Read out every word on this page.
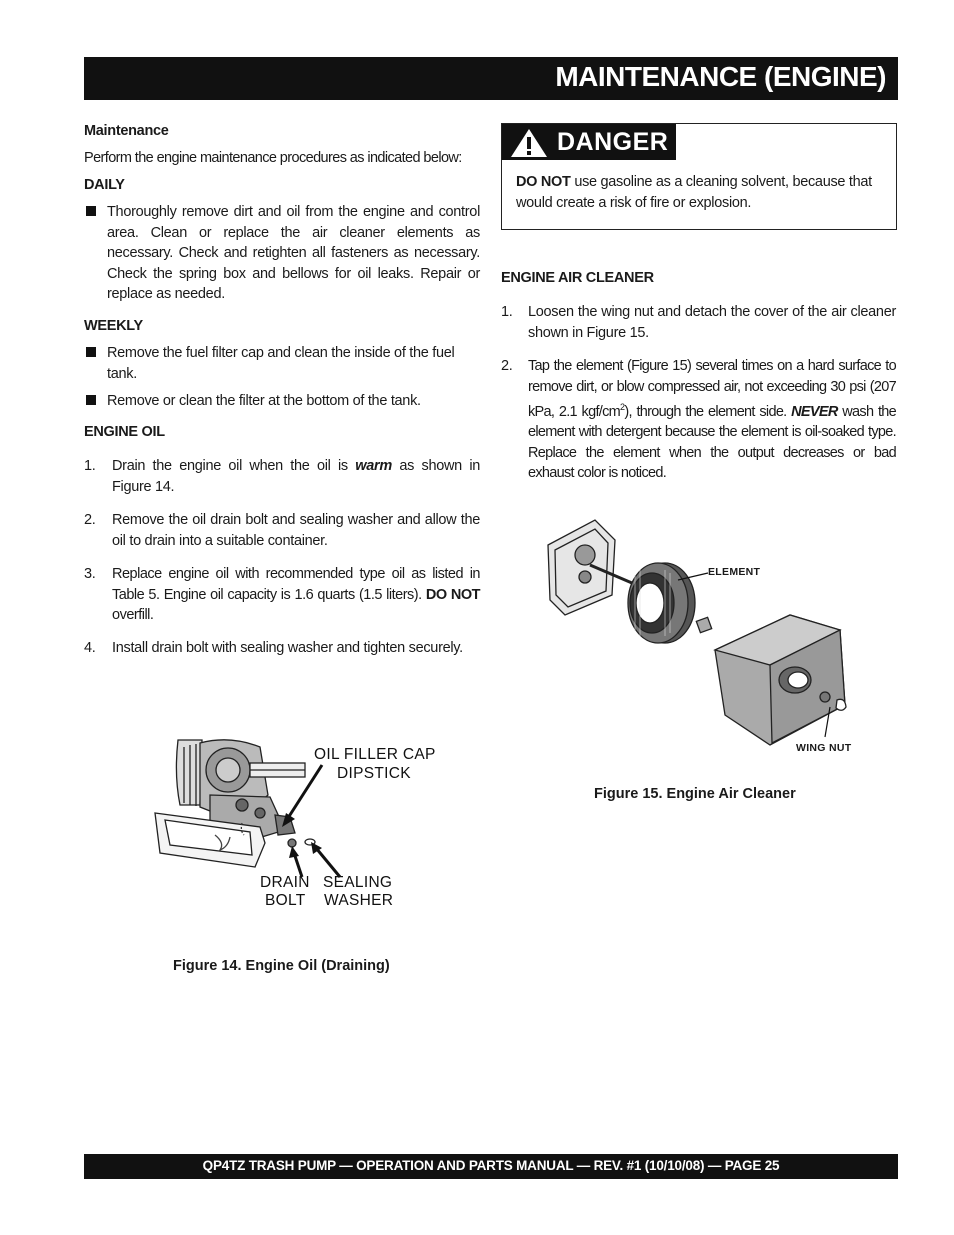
MAINTENANCE (ENGINE)
Maintenance
Perform the engine maintenance procedures as indicated below:
DAILY
Thoroughly remove dirt and oil from the engine and control area. Clean or replace the air cleaner elements as necessary. Check and retighten all fasteners as necessary. Check the spring box and bellows for oil leaks. Repair or replace as needed.
WEEKLY
Remove the fuel filter cap and clean the inside of the fuel tank.
Remove or clean the filter at the bottom of the tank.
ENGINE OIL
1. Drain the engine oil when the oil is warm as shown in Figure 14.
2. Remove the oil drain bolt and sealing washer and allow the oil to drain into a suitable container.
3. Replace engine oil with recommended type oil as listed in Table 5. Engine oil capacity is 1.6 quarts (1.5 liters). DO NOT overfill.
4. Install drain bolt with sealing washer and tighten securely.
OIL FILLER CAP
DIPSTICK
DRAIN
BOLT
SEALING
WASHER
Figure 14. Engine Oil (Draining)
DANGER
DO NOT use gasoline as a cleaning solvent, because that would create a risk of fire or explosion.
ENGINE AIR CLEANER
1. Loosen the wing nut and detach the cover of the air cleaner shown in Figure 15.
2. Tap the element (Figure 15) several times on a hard surface to remove dirt, or blow compressed air, not exceeding 30 psi (207 kPa, 2.1 kgf/$cm^2$), through the element side. NEVER wash the element with detergent because the element is oil-soaked type. Replace the element when the output decreases or bad exhaust color is noticed.
ELEMENT
WING NUT
Figure 15. Engine Air Cleaner
QP4TZ TRASH PUMP — OPERATION AND PARTS MANUAL — REV. #1 (10/10/08) — PAGE 25
